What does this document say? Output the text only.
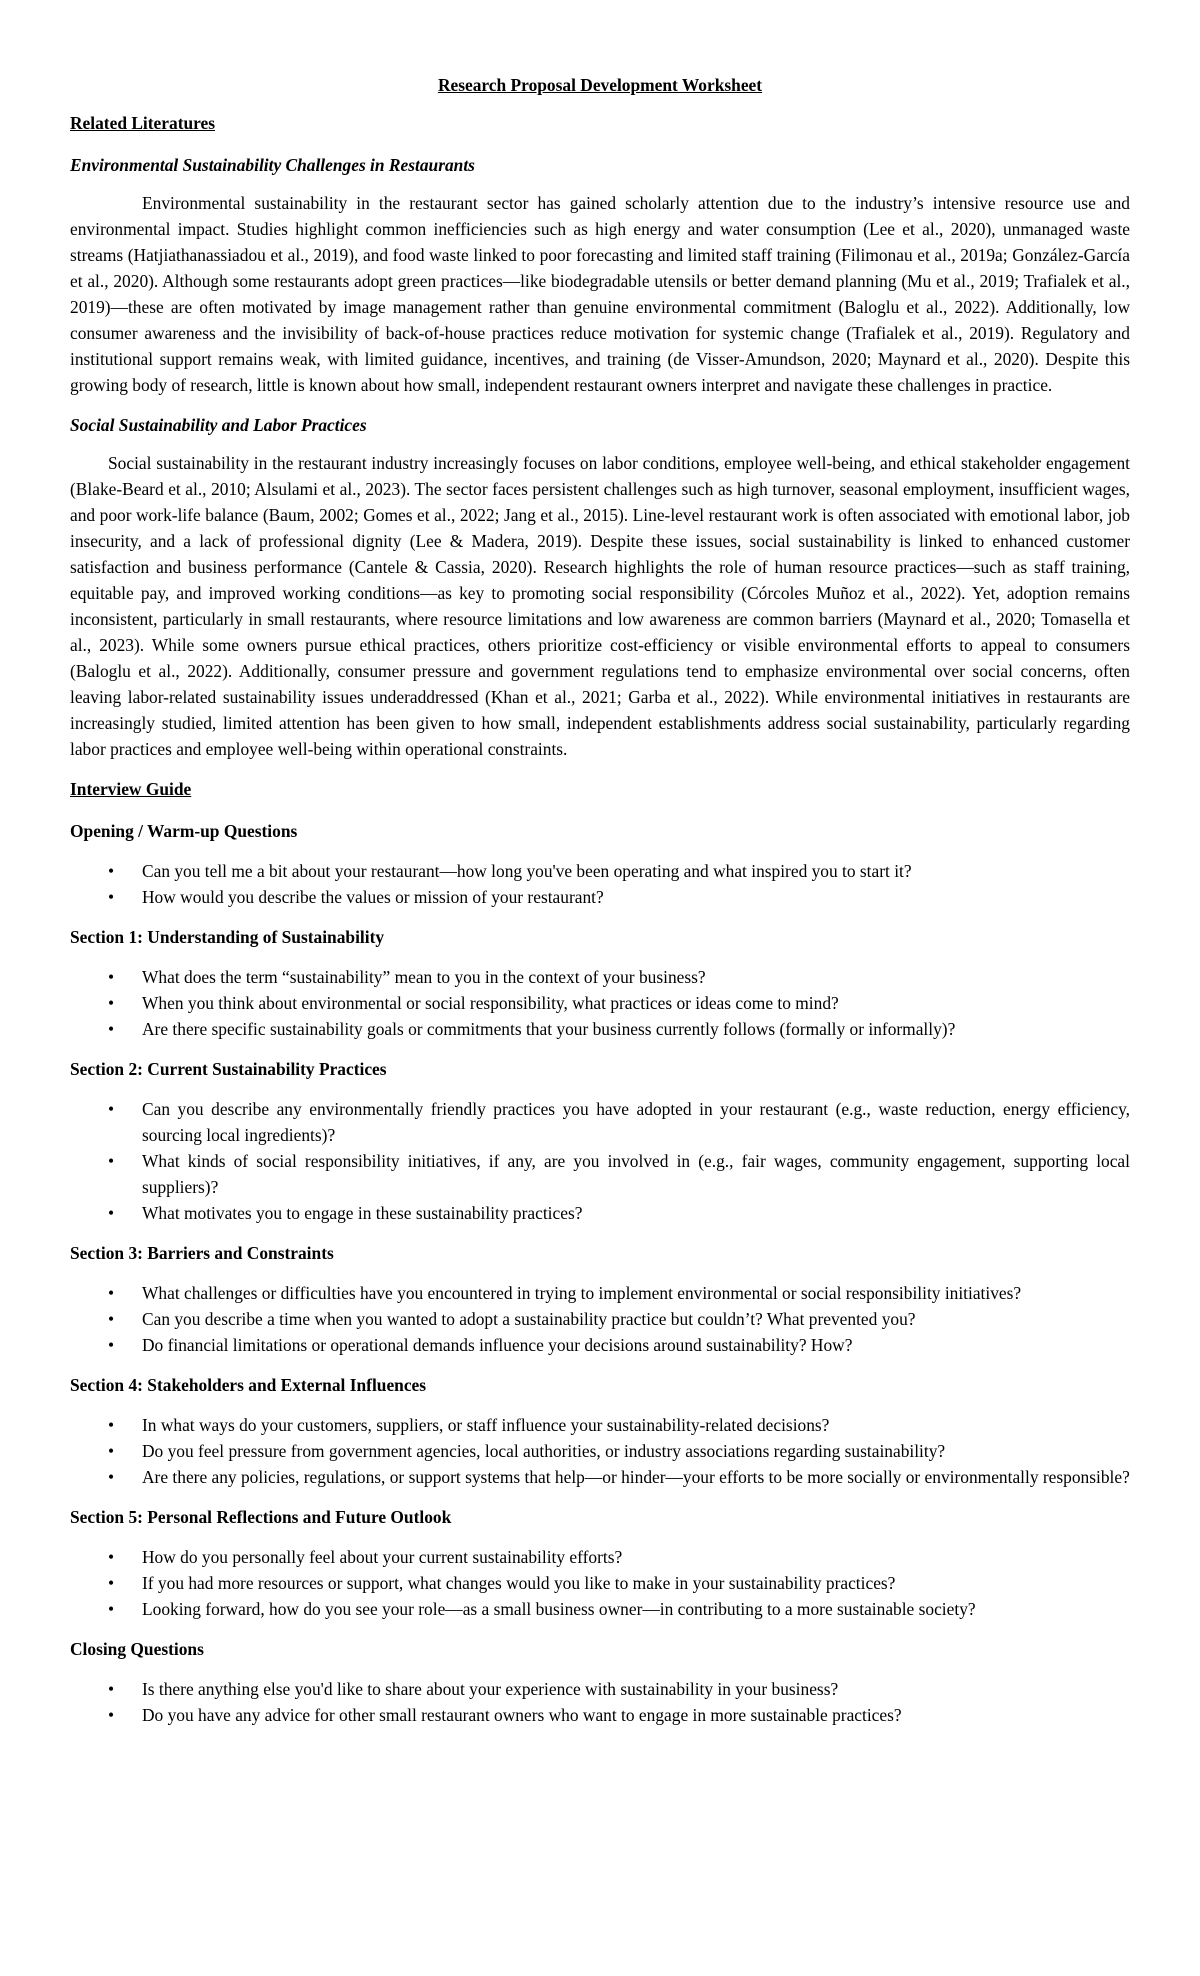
Research Proposal Development Worksheet
Related Literatures
Environmental Sustainability Challenges in Restaurants

Environmental sustainability in the restaurant sector has gained scholarly attention due to the industry’s intensive resource use and environmental impact. Studies highlight common inefficiencies such as high energy and water consumption (Lee et al., 2020), unmanaged waste streams (Hatjiathanassiadou et al., 2019), and food waste linked to poor forecasting and limited staff training (Filimonau et al., 2019a; González-García et al., 2020). Although some restaurants adopt green practices—like biodegradable utensils or better demand planning (Mu et al., 2019; Trafialek et al., 2019)—these are often motivated by image management rather than genuine environmental commitment (Baloglu et al., 2022). Additionally, low consumer awareness and the invisibility of back-of-house practices reduce motivation for systemic change (Trafialek et al., 2019). Regulatory and institutional support remains weak, with limited guidance, incentives, and training (de Visser-Amundson, 2020; Maynard et al., 2020). Despite this growing body of research, little is known about how small, independent restaurant owners interpret and navigate these challenges in practice.

Social Sustainability and Labor Practices

Social sustainability in the restaurant industry increasingly focuses on labor conditions, employee well-being, and ethical stakeholder engagement (Blake-Beard et al., 2010; Alsulami et al., 2023). The sector faces persistent challenges such as high turnover, seasonal employment, insufficient wages, and poor work-life balance (Baum, 2002; Gomes et al., 2022; Jang et al., 2015). Line-level restaurant work is often associated with emotional labor, job insecurity, and a lack of professional dignity (Lee & Madera, 2019). Despite these issues, social sustainability is linked to enhanced customer satisfaction and business performance (Cantele & Cassia, 2020). Research highlights the role of human resource practices—such as staff training, equitable pay, and improved working conditions—as key to promoting social responsibility (Córcoles Muñoz et al., 2022). Yet, adoption remains inconsistent, particularly in small restaurants, where resource limitations and low awareness are common barriers (Maynard et al., 2020; Tomasella et al., 2023). While some owners pursue ethical practices, others prioritize cost-efficiency or visible environmental efforts to appeal to consumers (Baloglu et al., 2022). Additionally, consumer pressure and government regulations tend to emphasize environmental over social concerns, often leaving labor-related sustainability issues underaddressed (Khan et al., 2021; Garba et al., 2022). While environmental initiatives in restaurants are increasingly studied, limited attention has been given to how small, independent establishments address social sustainability, particularly regarding labor practices and employee well-being within operational constraints.

Interview Guide
Opening / Warm-up Questions
• Can you tell me a bit about your restaurant—how long you've been operating and what inspired you to start it?
• How would you describe the values or mission of your restaurant?
Section 1: Understanding of Sustainability
• What does the term “sustainability” mean to you in the context of your business?
• When you think about environmental or social responsibility, what practices or ideas come to mind?
• Are there specific sustainability goals or commitments that your business currently follows (formally or informally)?
Section 2: Current Sustainability Practices
• Can you describe any environmentally friendly practices you have adopted in your restaurant (e.g., waste reduction, energy efficiency, sourcing local ingredients)?
• What kinds of social responsibility initiatives, if any, are you involved in (e.g., fair wages, community engagement, supporting local suppliers)?
• What motivates you to engage in these sustainability practices?
Section 3: Barriers and Constraints
• What challenges or difficulties have you encountered in trying to implement environmental or social responsibility initiatives?
• Can you describe a time when you wanted to adopt a sustainability practice but couldn’t? What prevented you?
• Do financial limitations or operational demands influence your decisions around sustainability? How?
Section 4: Stakeholders and External Influences
• In what ways do your customers, suppliers, or staff influence your sustainability-related decisions?
• Do you feel pressure from government agencies, local authorities, or industry associations regarding sustainability?
• Are there any policies, regulations, or support systems that help—or hinder—your efforts to be more socially or environmentally responsible?
Section 5: Personal Reflections and Future Outlook
• How do you personally feel about your current sustainability efforts?
• If you had more resources or support, what changes would you like to make in your sustainability practices?
• Looking forward, how do you see your role—as a small business owner—in contributing to a more sustainable society?
Closing Questions
• Is there anything else you'd like to share about your experience with sustainability in your business?
• Do you have any advice for other small restaurant owners who want to engage in more sustainable practices?
